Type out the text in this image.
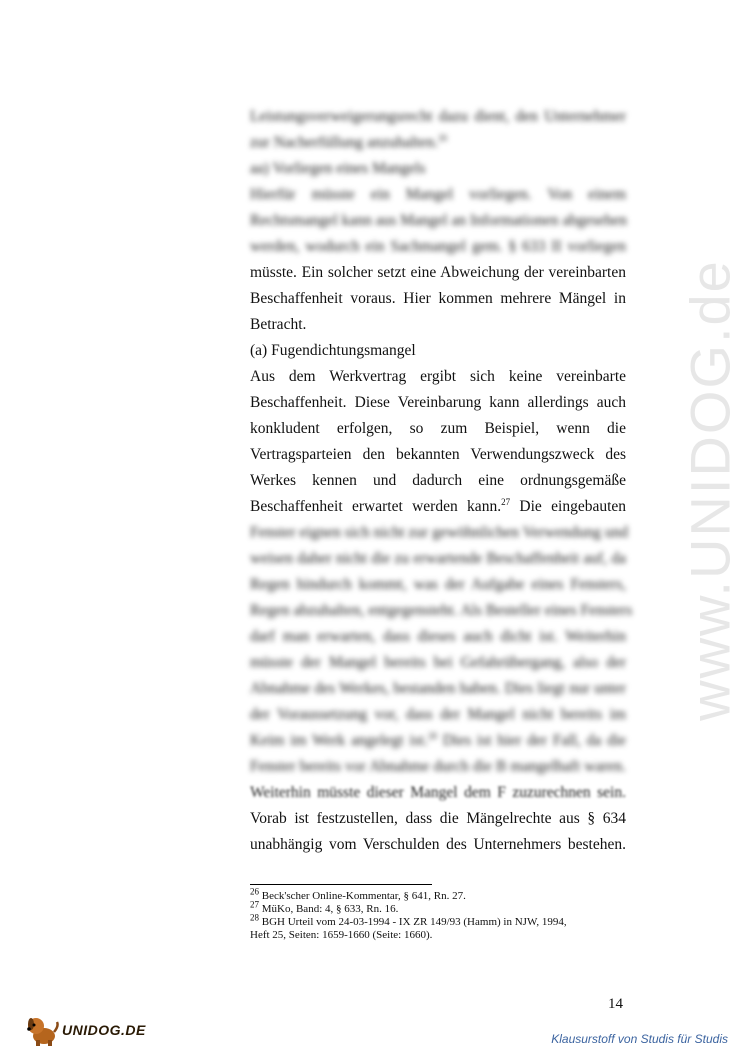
www.UNIDOG.de
Leistungsverweigerungsrecht dazu dient, den Unternehmer
zur Nacherfüllung anzuhalten.$^{26}$
aa) Vorliegen eines Mangels
Hierfür müsste ein Mangel vorliegen. Von einem
Rechtsmangel kann aus Mangel an Informationen abgesehen
werden, wodurch ein Sachmangel gem. § 633 II vorliegen
müsste. Ein solcher setzt eine Abweichung der vereinbarten
Beschaffenheit voraus. Hier kommen mehrere Mängel in
Betracht.
(a) Fugendichtungsmangel
Aus dem Werkvertrag ergibt sich keine vereinbarte
Beschaffenheit. Diese Vereinbarung kann allerdings auch
konkludent erfolgen, so zum Beispiel, wenn die
Vertragsparteien den bekannten Verwendungszweck des
Werkes kennen und dadurch eine ordnungsgemäße
Beschaffenheit erwartet werden kann.$^{27}$ Die eingebauten
Fenster eignen sich nicht zur gewöhnlichen Verwendung und
weisen daher nicht die zu erwartende Beschaffenheit auf, da
Regen hindurch kommt, was der Aufgabe eines Fensters,
Regen abzuhalten, entgegensteht. Als Besteller eines Fensters
darf man erwarten, dass dieses auch dicht ist. Weiterhin
müsste der Mangel bereits bei Gefahrübergang, also der
Abnahme des Werkes, bestanden haben. Dies liegt nur unter
der Voraussetzung vor, dass der Mangel nicht bereits im
Keim im Werk angelegt ist.$^{28}$ Dies ist hier der Fall, da die
Fenster bereits vor Abnahme durch die B mangelhaft waren.
Weiterhin müsste dieser Mangel dem F zuzurechnen sein.
Vorab ist festzustellen, dass die Mängelrechte aus § 634
unabhängig vom Verschulden des Unternehmers bestehen.
$^{26}$ Beck'scher Online-Kommentar, § 641, Rn. 27.
$^{27}$ MüKo, Band: 4, § 633, Rn. 16.
$^{28}$ BGH Urteil vom 24-03-1994 - IX ZR 149/93 (Hamm) in NJW, 1994,
Heft 25, Seiten: 1659-1660 (Seite: 1660).
14
UNIDOG.DE
Klausurstoff von Studis für Studis
